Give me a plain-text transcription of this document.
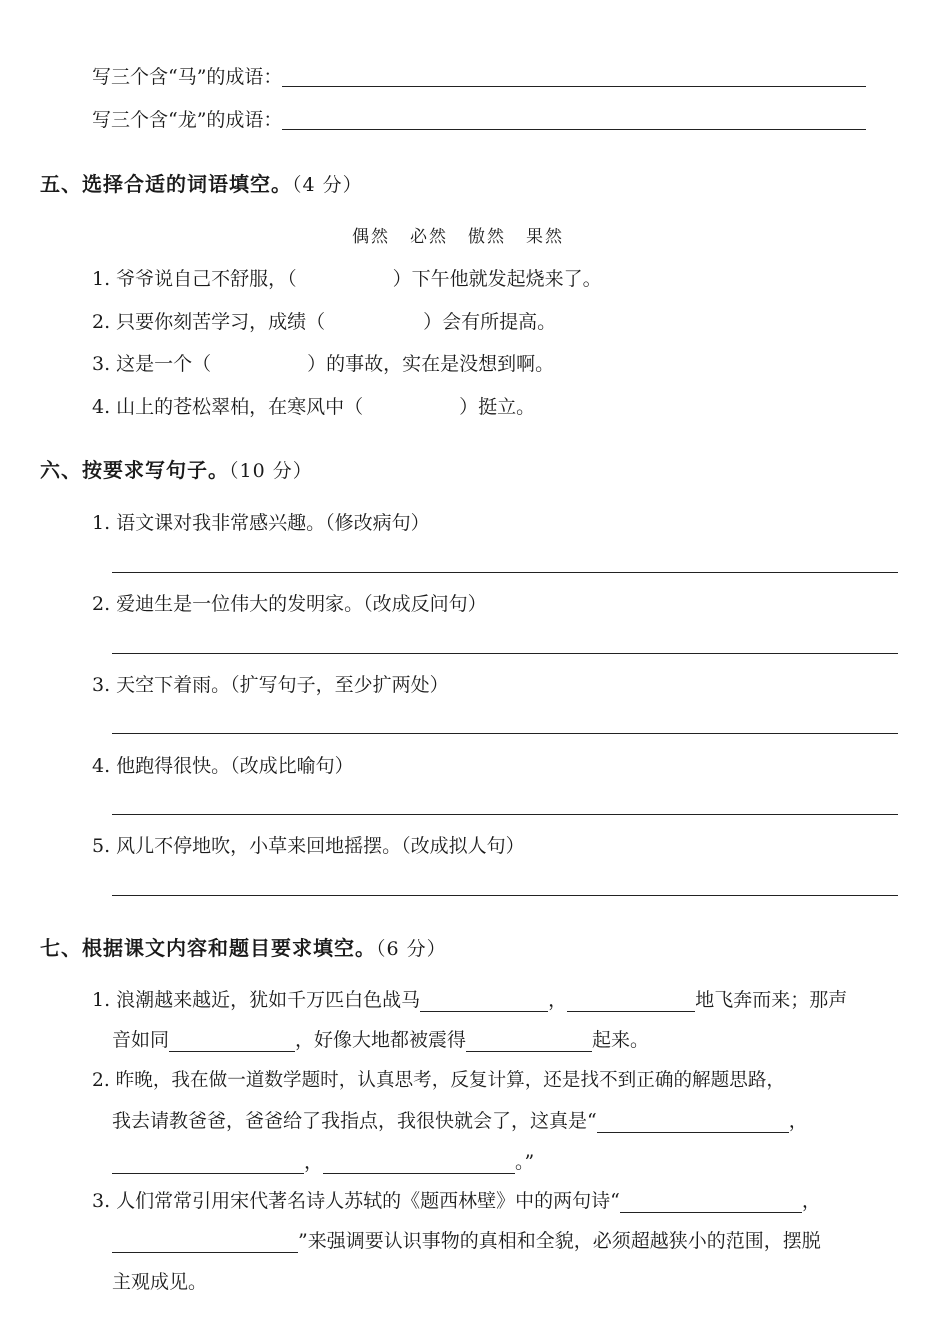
写三个含“马”的成语：
写三个含“龙”的成语：
五、选择合适的词语填空。（4 分）
偶然 必然 傲然 果然
1. 爷爷说自己不舒服，（	）下午他就发起烧来了。
2. 只要你刻苦学习，成绩（	）会有所提高。
3. 这是一个（	）的事故，实在是没想到啊。
4. 山上的苍松翠柏，在寒风中（	）挺立。
六、按要求写句子。（10 分）
1. 语文课对我非常感兴趣。（修改病句）
2. 爱迪生是一位伟大的发明家。（改成反问句）
3. 天空下着雨。（扩写句子，至少扩两处）
4. 他跑得很快。（改成比喻句）
5. 风儿不停地吹，小草来回地摇摆。（改成拟人句）
七、根据课文内容和题目要求填空。（6 分）
1. 浪潮越来越近，犹如千万匹白色战马	，	地飞奔而来；那声
音如同	，好像大地都被震得	起来。
2. 昨晚，我在做一道数学题时，认真思考，反复计算，还是找不到正确的解题思路，
我去请教爸爸，爸爸给了我指点，我很快就会了，这真是“	，
，	。”
3. 人们常常引用宋代著名诗人苏轼的《题西林壁》中的两句诗“	，
”来强调要认识事物的真相和全貌，必须超越狭小的范围，摆脱
主观成见。
